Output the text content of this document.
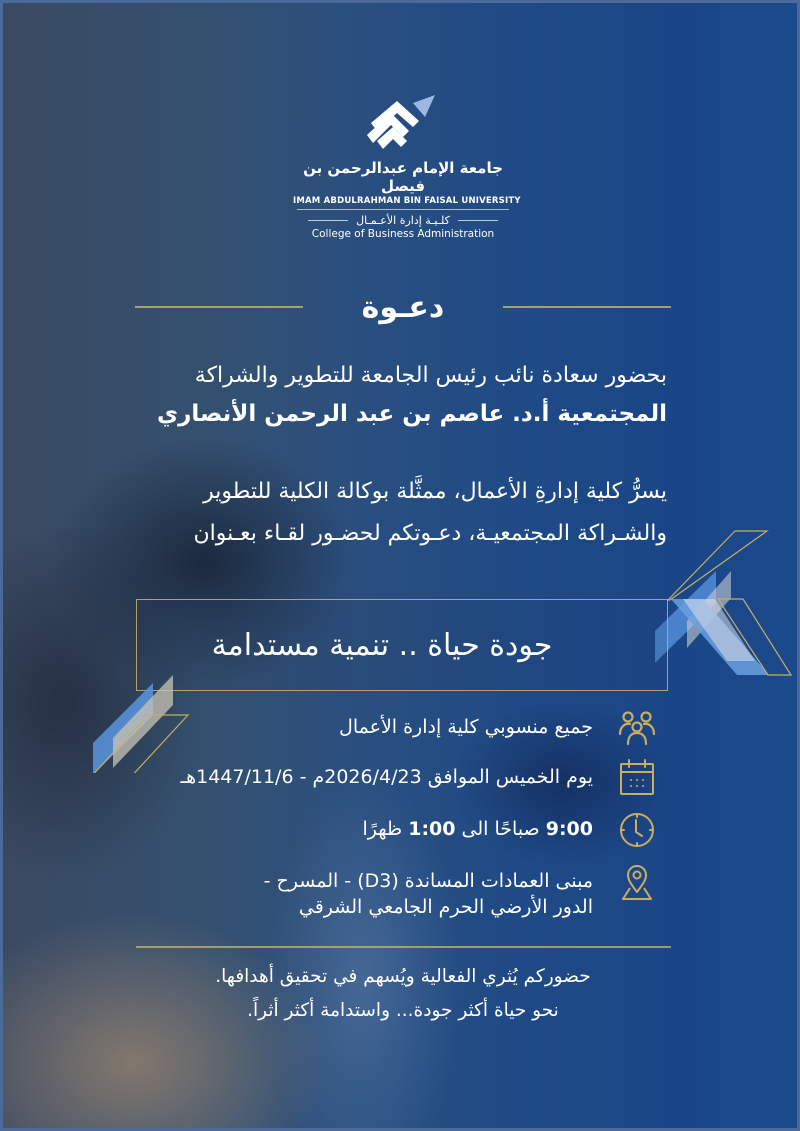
جامعة الإمام عبدالرحمن بن فيصل
IMAM ABDULRAHMAN BIN FAISAL UNIVERSITY
كلـيـة إدارة الأعـمـال
College of Business Administration
دعـوة
بحضور سعادة نائب رئيس الجامعة للتطوير والشراكة
المجتمعية أ.د. عاصم بن عبد الرحمن الأنصاري
يسرُّ كلية إدارةِ الأعمال، ممثَّلة بوكالة الكلية للتطوير
والشـراكة المجتمعيـة، دعـوتكم لحضـور لقـاء بعـنوان
جودة حياة .. تنمية مستدامة
جميع منسوبي كلية إدارة الأعمال
يوم الخميس الموافق 2026/4/23م - 1447/11/6هـ
9:00 صباحًا الى 1:00 ظهرًا
مبنى العمادات المساندة (D3) - المسرح -
الدور الأرضي الحرم الجامعي الشرقي
حضوركم يُثري الفعالية ويُسهم في تحقيق أهدافها.
نحو حياة أكثر جودة... واستدامة أكثر أثراً.
